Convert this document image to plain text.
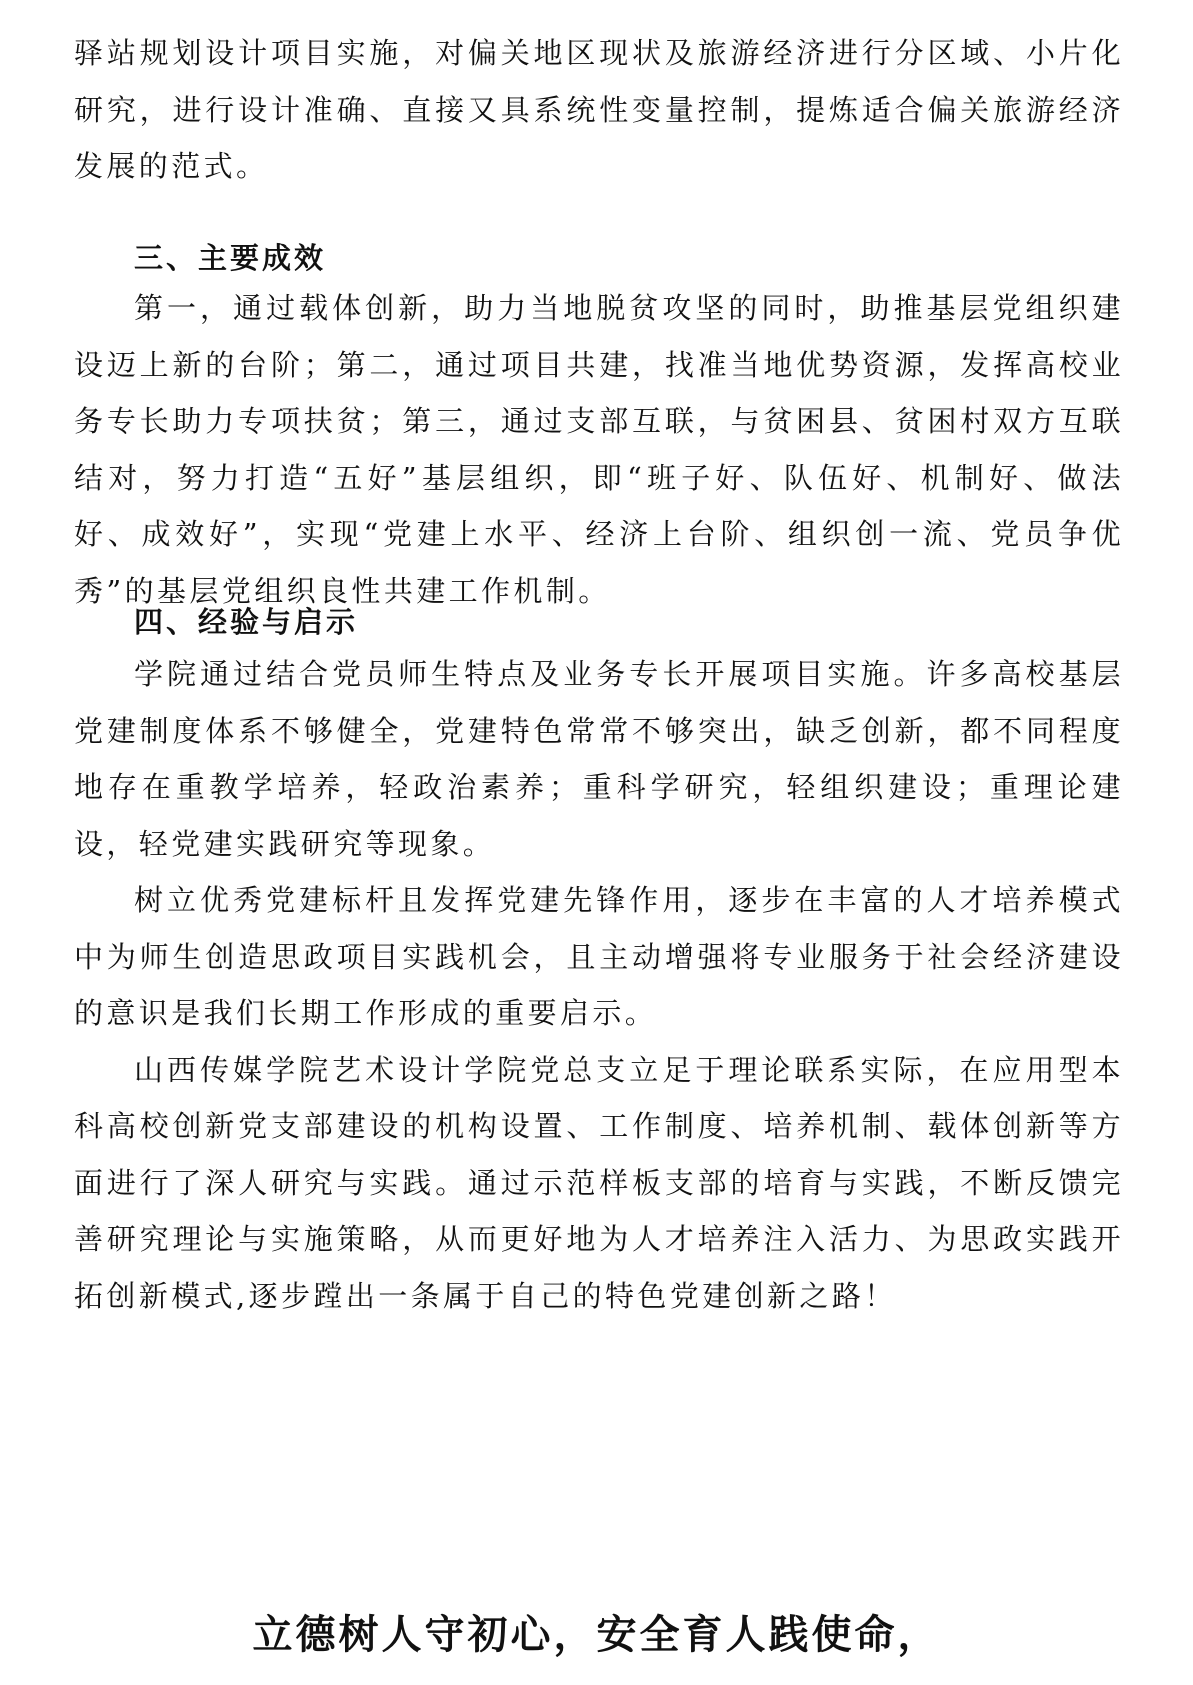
驿站规划设计项目实施，对偏关地区现状及旅游经济进行分区域、小片化研究，进行设计准确、直接又具系统性变量控制，提炼适合偏关旅游经济发展的范式。

三、主要成效

第一，通过载体创新，助力当地脱贫攻坚的同时，助推基层党组织建设迈上新的台阶；第二，通过项目共建，找准当地优势资源，发挥高校业务专长助力专项扶贫；第三，通过支部互联，与贫困县、贫困村双方互联结对，努力打造“五好”基层组织，即“班子好、队伍好、机制好、做法好、成效好”，实现“党建上水平、经济上台阶、组织创一流、党员争优秀”的基层党组织良性共建工作机制。

四、经验与启示

学院通过结合党员师生特点及业务专长开展项目实施。许多高校基层党建制度体系不够健全，党建特色常常不够突出，缺乏创新，都不同程度地存在重教学培养，轻政治素养；重科学研究，轻组织建设；重理论建设，轻党建实践研究等现象。

树立优秀党建标杆且发挥党建先锋作用，逐步在丰富的人才培养模式中为师生创造思政项目实践机会，且主动增强将专业服务于社会经济建设的意识是我们长期工作形成的重要启示。

山西传媒学院艺术设计学院党总支立足于理论联系实际，在应用型本科高校创新党支部建设的机构设置、工作制度、培养机制、载体创新等方面进行了深人研究与实践。通过示范样板支部的培育与实践，不断反馈完善研究理论与实施策略，从而更好地为人才培养注入活力、为思政实践开拓创新模式,逐步蹚出一条属于自己的特色党建创新之路！

立德树人守初心，安全育人践使命，
